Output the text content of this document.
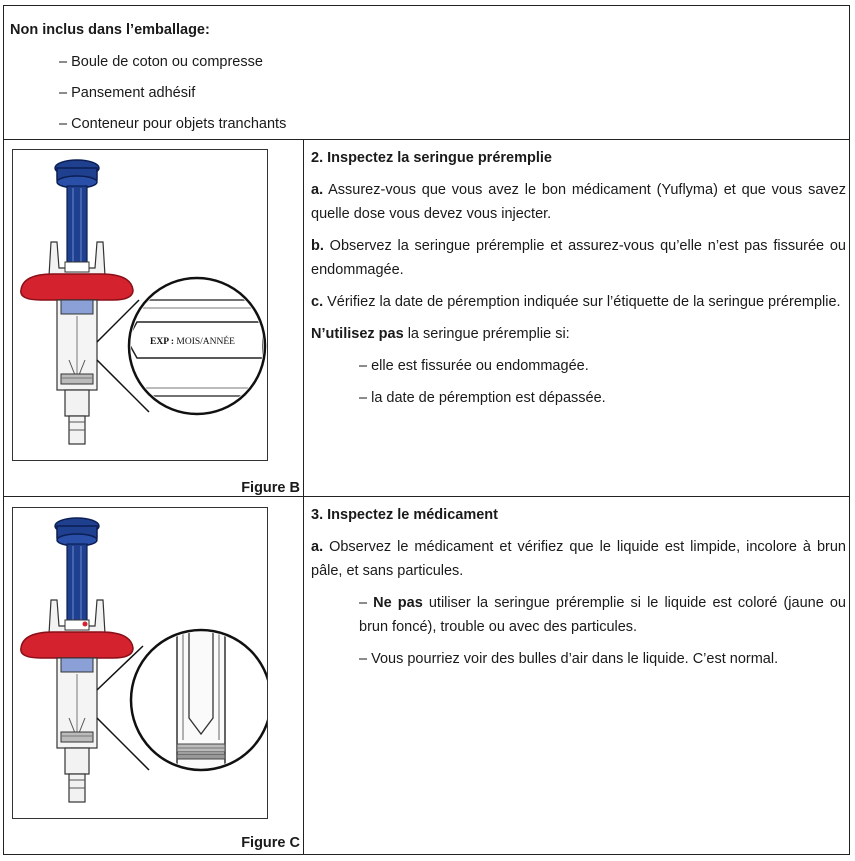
Non inclus dans l’emballage:
– Boule de coton ou compresse
– Pansement adhésif
– Conteneur pour objets tranchants
EXP : MOIS/ANNÉE
Figure B
2. Inspectez la seringue préremplie
a. Assurez-vous que vous avez le bon médicament (Yuflyma) et que vous savez quelle dose vous devez vous injecter.
b. Observez la seringue préremplie et assurez-vous qu’elle n’est pas fissurée ou endommagée.
c. Vérifiez la date de péremption indiquée sur l’étiquette de la seringue préremplie.
N’utilisez pas la seringue préremplie si:
– elle est fissurée ou endommagée.
– la date de péremption est dépassée.
Figure C
3. Inspectez le médicament
a. Observez le médicament et vérifiez que le liquide est limpide, incolore à brun pâle, et sans particules.
– Ne pas utiliser la seringue préremplie si le liquide est coloré (jaune ou brun foncé), trouble ou avec des particules.
– Vous pourriez voir des bulles d’air dans le liquide. C’est normal.
